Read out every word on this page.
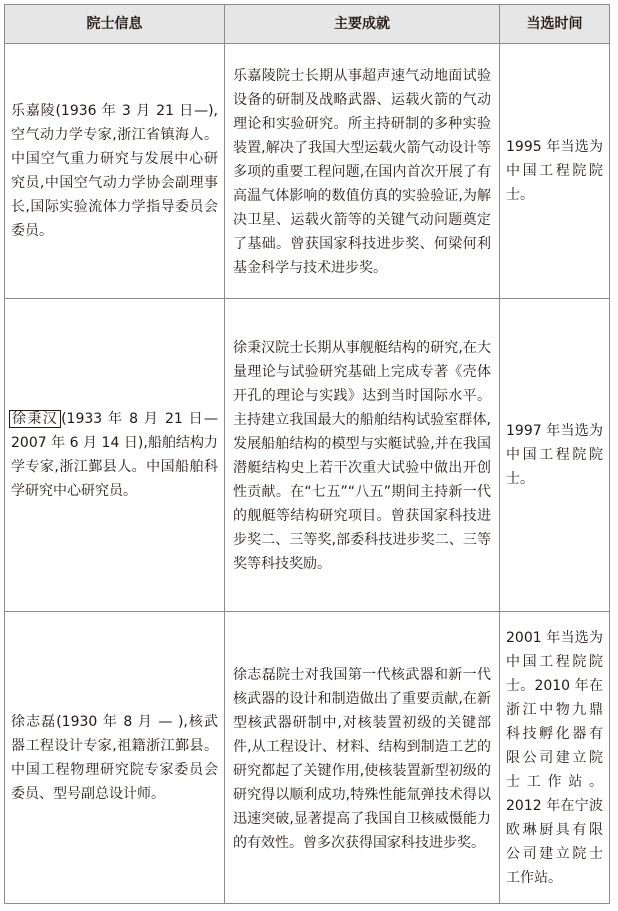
院士信息	主要成就	当选时间
乐嘉陵(1936 年 3 月 21 日—),空气动力学专家,浙江省镇海人。中国空气重力研究与发展中心研究员,中国空气动力学协会副理事长,国际实验流体力学指导委员会委员。	乐嘉陵院士长期从事超声速气动地面试验设备的研制及战略武器、运载火箭的气动理论和实验研究。所主持研制的多种实验装置,解决了我国大型运载火箭气动设计等多项的重要工程问题,在国内首次开展了有高温气体影响的数值仿真的实验验证,为解决卫星、运载火箭等的关键气动问题奠定了基础。曾获国家科技进步奖、何梁何利基金科学与技术进步奖。	1995 年当选为中国工程院院士。

徐秉汉 (1933 年 8 月 21 日—2007 年 6 月 14 日),船舶结构力学专家,浙江鄞县人。中国船舶科学研究中心研究员。	徐秉汉院士长期从事舰艇结构的研究,在大量理论与试验研究基础上完成专著《壳体开孔的理论与实践》达到当时国际水平。主持建立我国最大的船舶结构试验室群体,发展船舶结构的模型与实艇试验,并在我国潜艇结构史上若干次重大试验中做出开创性贡献。在“七五”“八五”期间主持新一代的舰艇等结构研究项目。曾获国家科技进步奖二、三等奖,部委科技进步奖二、三等奖等科技奖励。	1997 年当选为中国工程院院士。

徐志磊(1930 年 8 月 — ),核武器工程设计专家,祖籍浙江鄞县。中国工程物理研究院专家委员会委员、型号副总设计师。	徐志磊院士对我国第一代核武器和新一代核武器的设计和制造做出了重要贡献,在新型核武器研制中,对核装置初级的关键部件,从工程设计、材料、结构到制造工艺的研究都起了关键作用,使核装置新型初级的研究得以顺利成功,特殊性能氚弹技术得以迅速突破,显著提高了我国自卫核威慑能力的有效性。曾多次获得国家科技进步奖。	2001 年当选为中国工程院院士。2010 年在浙江中物九鼎科技孵化器有限公司建立院士工作站。2012 年在宁波欧琳厨具有限公司建立院士工作站。
